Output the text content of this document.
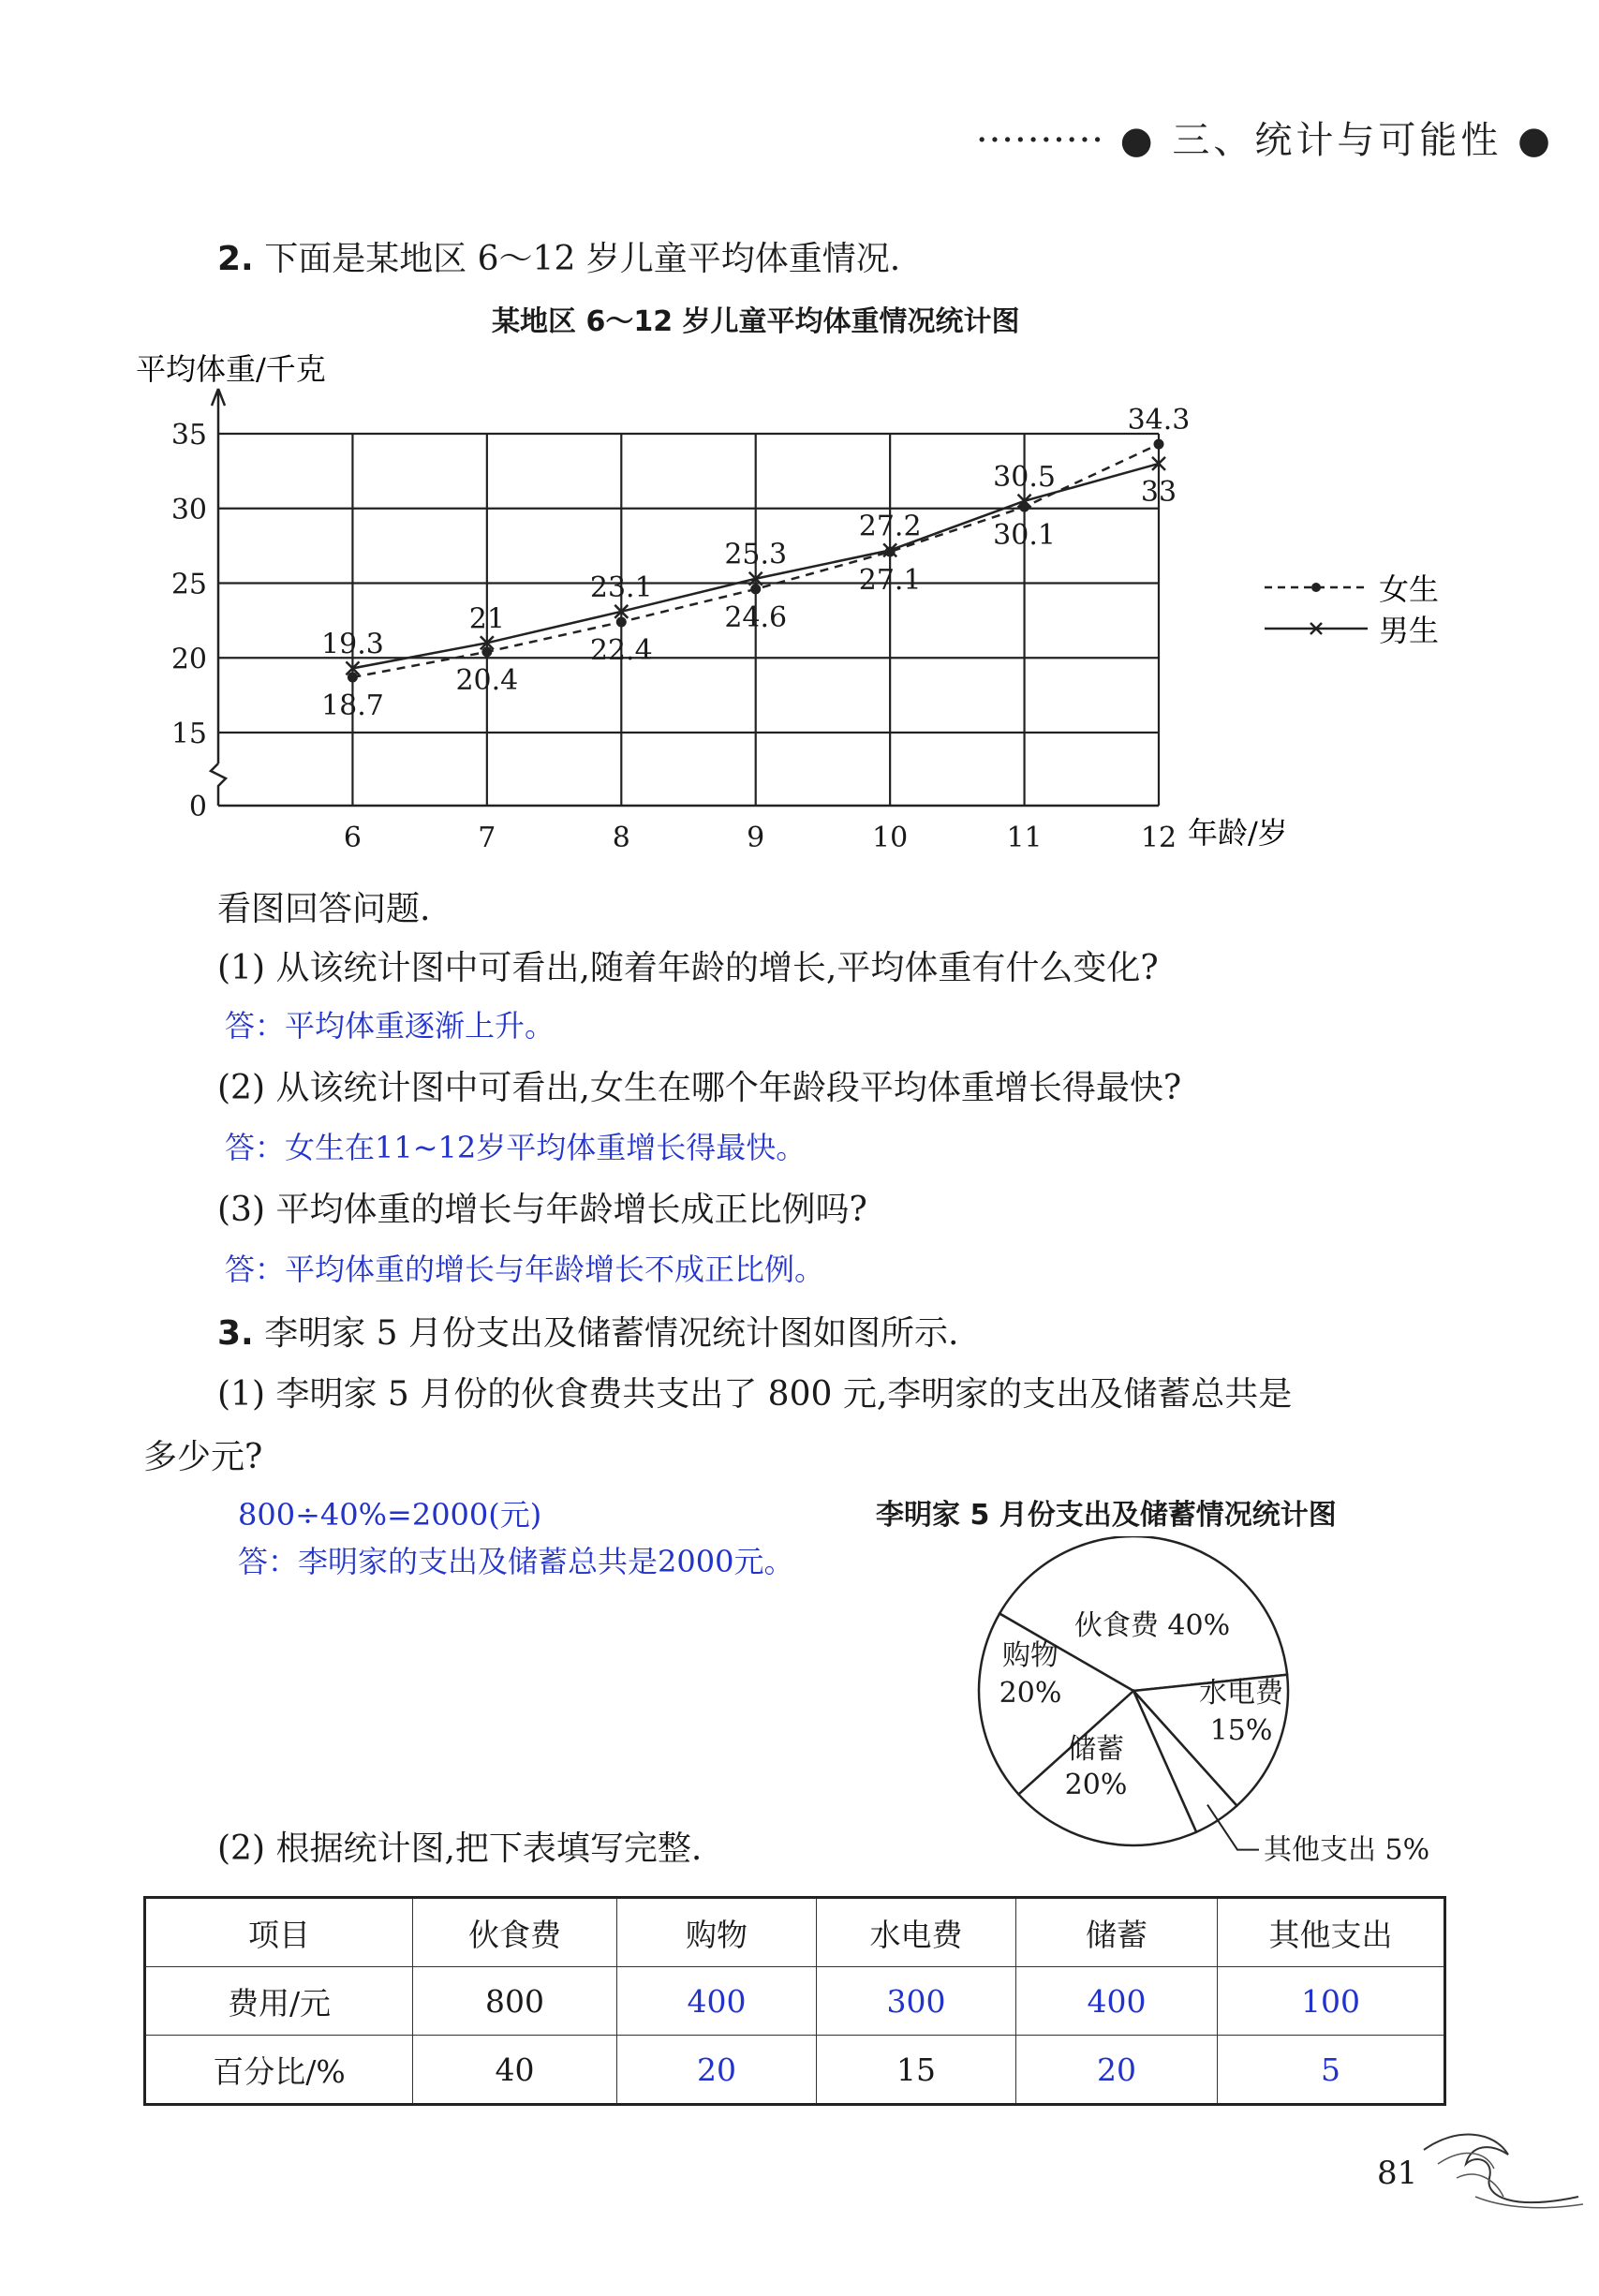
·········· ● 三、统计与可能性 ●
2. 下面是某地区 6～12 岁儿童平均体重情况.
某地区 6～12 岁儿童平均体重情况统计图
平均体重/千克
年龄/岁
0
15
20
25
30
35
6	7	8	9	10	11	12
18.7
19.3
20.4
21
22.4
23.1
24.6
25.3
27.1
27.2	30.1
30.5
34.3
33
女生
男生
看图回答问题.
(1) 从该统计图中可看出,随着年龄的增长,平均体重有什么变化?
答：平均体重逐渐上升。
(2) 从该统计图中可看出,女生在哪个年龄段平均体重增长得最快?
答：女生在11~12岁平均体重增长得最快。
(3) 平均体重的增长与年龄增长成正比例吗?
答：平均体重的增长与年龄增长不成正比例。
3. 李明家 5 月份支出及储蓄情况统计图如图所示.
(1) 李明家 5 月份的伙食费共支出了 800 元,李明家的支出及储蓄总共是
多少元?
800÷40%=2000(元)
答：李明家的支出及储蓄总共是2000元。
李明家 5 月份支出及储蓄情况统计图
伙食费 40%
水电费
15%
储蓄
20%
购物
20%
其他支出 5%
(2) 根据统计图,把下表填写完整.
项目	伙食费	购物	水电费	储蓄	其他支出
费用/元	800	400	300	400	100
百分比/%	40	20	15	20	5
81
